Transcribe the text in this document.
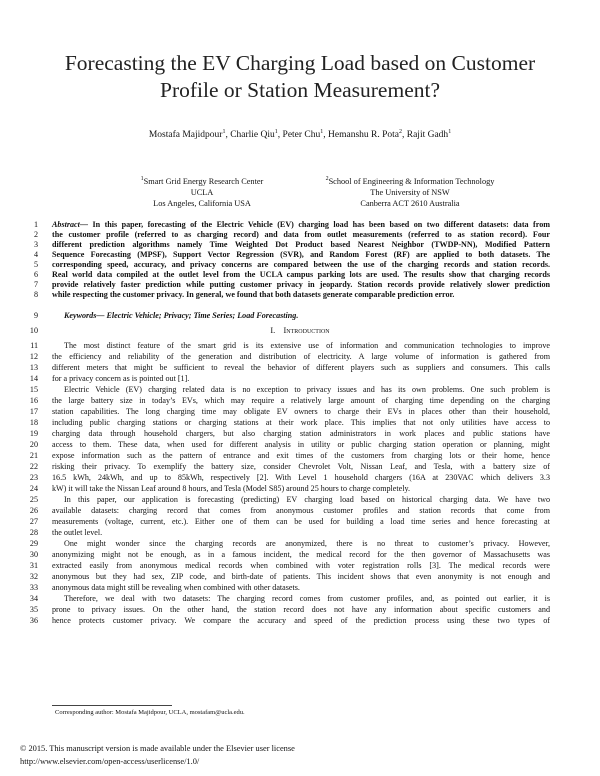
Forecasting the EV Charging Load based on Customer
Profile or Station Measurement?
Mostafa Majidpour$^1$, Charlie Qiu$^1$, Peter Chu$^1$, Hemanshu R. Pota$^2$, Rajit Gadh$^1$
$^1$Smart Grid Energy Research Center
UCLA
Los Angeles, California USA
$^2$School of Engineering & Information Technology
The University of NSW
Canberra ACT 2610 Australia
1
2
3
4
5
6
7
8
9
10
11
12
13
14
15
16
17
18
19
20
21
22
23
24
25
26
27
28
29
30
31
32
33
34
35
36
Abstract— In this paper, forecasting of the Electric Vehicle (EV) charging load has been based on two different datasets: data from
the customer profile (referred to as charging record) and data from outlet measurements (referred to as station record). Four
different prediction algorithms namely Time Weighted Dot Product based Nearest Neighbor (TWDP-NN), Modified Pattern
Sequence Forecasting (MPSF), Support Vector Regression (SVR), and Random Forest (RF) are applied to both datasets. The
corresponding speed, accuracy, and privacy concerns are compared between the use of the charging records and station records.
Real world data compiled at the outlet level from the UCLA campus parking lots are used. The results show that charging records
provide relatively faster prediction while putting customer privacy in jeopardy. Station records provide relatively slower prediction
while respecting the customer privacy. In general, we found that both datasets generate comparable prediction error.
Keywords— Electric Vehicle; Privacy; Time Series; Load Forecasting.
I. Introduction
The most distinct feature of the smart grid is its extensive use of information and communication technologies to improve
the efficiency and reliability of the generation and distribution of electricity. A large volume of information is gathered from
different meters that might be sufficient to reveal the behavior of different players such as suppliers and consumers. This calls
for a privacy concern as is pointed out [1].
Electric Vehicle (EV) charging related data is no exception to privacy issues and has its own problems. One such problem is
the large battery size in today’s EVs, which may require a relatively large amount of charging time depending on the charging
station capabilities. The long charging time may obligate EV owners to charge their EVs in places other than their household,
including public charging stations or charging stations at their work place. This implies that not only utilities have access to
charging data through household chargers, but also charging station administrators in work places and public stations have
access to them. These data, when used for different analysis in utility or public charging station operation or planning, might
expose information such as the pattern of entrance and exit times of the customers from charging lots or their home, hence
risking their privacy. To exemplify the battery size, consider Chevrolet Volt, Nissan Leaf, and Tesla, with a battery size of
16.5 kWh, 24kWh, and up to 85kWh, respectively [2]. With Level 1 household chargers (16A at 230VAC which delivers 3.3
kW) it will take the Nissan Leaf around 8 hours, and Tesla (Model S85) around 25 hours to charge completely.
In this paper, our application is forecasting (predicting) EV charging load based on historical charging data. We have two
available datasets: charging record that comes from anonymous customer profiles and station records that come from
measurements (voltage, current, etc.). Either one of them can be used for building a load time series and hence forecasting at
the outlet level.
One might wonder since the charging records are anonymized, there is no threat to customer’s privacy. However,
anonymizing might not be enough, as in a famous incident, the medical record for the then governor of Massachusetts was
extracted easily from anonymous medical records when combined with voter registration rolls [3]. The medical records were
anonymous but they had sex, ZIP code, and birth-date of patients. This incident shows that even anonymity is not enough and
anonymous data might still be revealing when combined with other datasets.
Therefore, we deal with two datasets: The charging record comes from customer profiles, and, as pointed out earlier, it is
prone to privacy issues. On the other hand, the station record does not have any information about specific customers and
hence protects customer privacy. We compare the accuracy and speed of the prediction process using these two types of
Corresponding author: Mostafa Majidpour, UCLA, mostafam@ucla.edu.
© 2015. This manuscript version is made available under the Elsevier user license
http://www.elsevier.com/open-access/userlicense/1.0/
